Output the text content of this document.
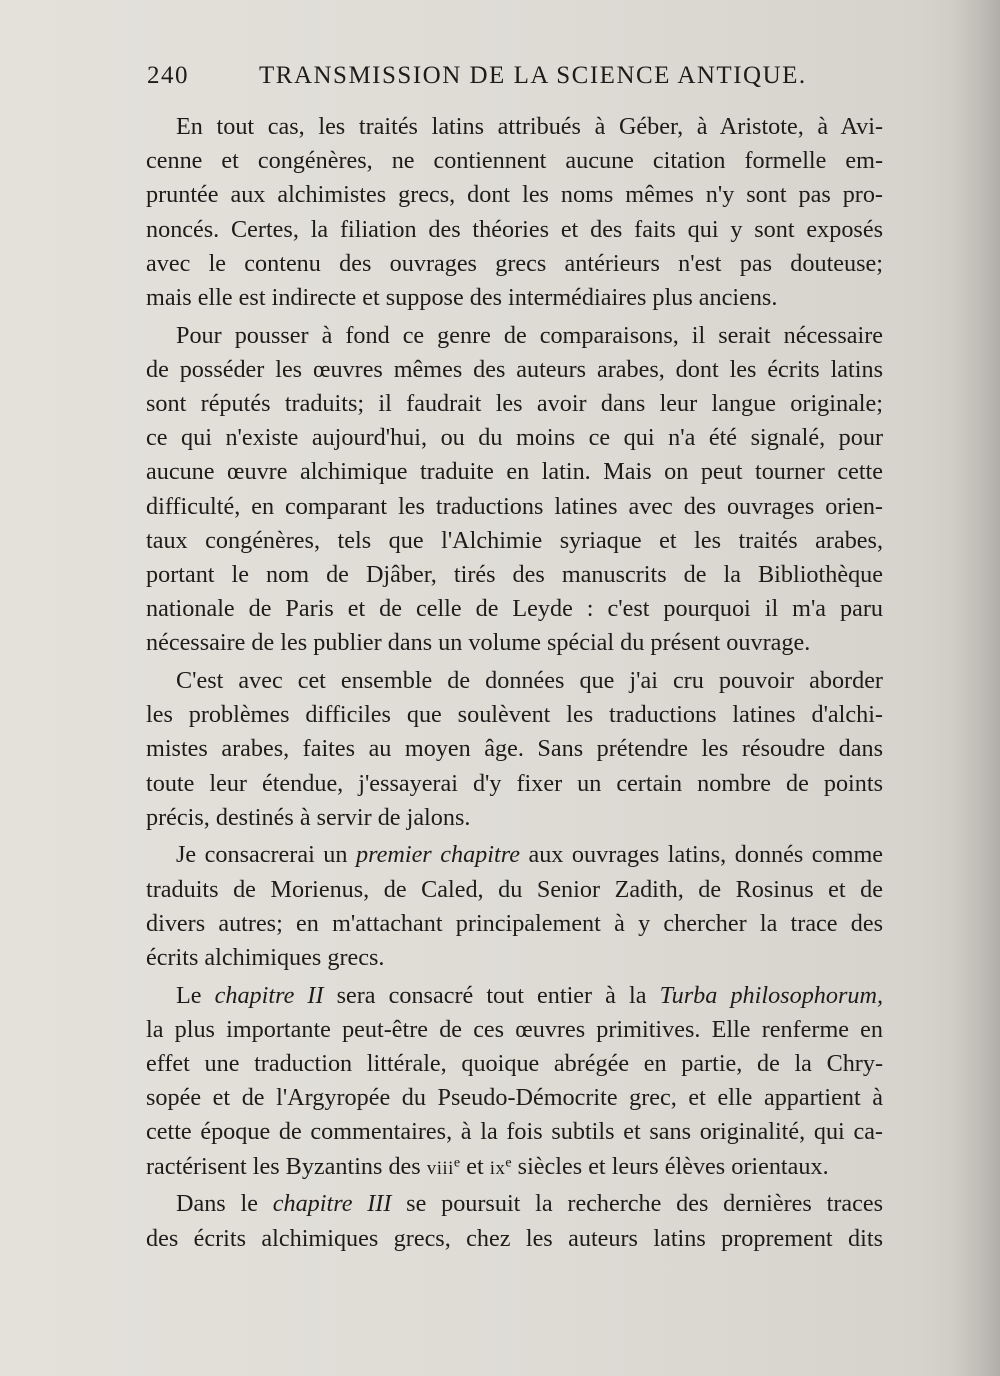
240	TRANSMISSION DE LA SCIENCE ANTIQUE.
En tout cas, les traités latins attribués à Géber, à Aristote, à Avi-
cenne et congénères, ne contiennent aucune citation formelle em-
pruntée aux alchimistes grecs, dont les noms mêmes n'y sont pas pro-
noncés. Certes, la filiation des théories et des faits qui y sont exposés
avec le contenu des ouvrages grecs antérieurs n'est pas douteuse;
mais elle est indirecte et suppose des intermédiaires plus anciens.
Pour pousser à fond ce genre de comparaisons, il serait nécessaire
de posséder les œuvres mêmes des auteurs arabes, dont les écrits latins
sont réputés traduits; il faudrait les avoir dans leur langue originale;
ce qui n'existe aujourd'hui, ou du moins ce qui n'a été signalé, pour
aucune œuvre alchimique traduite en latin. Mais on peut tourner cette
difficulté, en comparant les traductions latines avec des ouvrages orien-
taux congénères, tels que l'Alchimie syriaque et les traités arabes,
portant le nom de Djâber, tirés des manuscrits de la Bibliothèque
nationale de Paris et de celle de Leyde : c'est pourquoi il m'a paru
nécessaire de les publier dans un volume spécial du présent ouvrage.
C'est avec cet ensemble de données que j'ai cru pouvoir aborder
les problèmes difficiles que soulèvent les traductions latines d'alchi-
mistes arabes, faites au moyen âge. Sans prétendre les résoudre dans
toute leur étendue, j'essayerai d'y fixer un certain nombre de points
précis, destinés à servir de jalons.
Je consacrerai un premier chapitre aux ouvrages latins, donnés comme
traduits de Morienus, de Caled, du Senior Zadith, de Rosinus et de
divers autres; en m'attachant principalement à y chercher la trace des
écrits alchimiques grecs.
Le chapitre II sera consacré tout entier à la Turba philosophorum,
la plus importante peut-être de ces œuvres primitives. Elle renferme en
effet une traduction littérale, quoique abrégée en partie, de la Chry-
sopée et de l'Argyropée du Pseudo-Démocrite grec, et elle appartient à
cette époque de commentaires, à la fois subtils et sans originalité, qui ca-
ractérisent les Byzantins des viii$^e$ et $ix^e$ siècles et leurs élèves orientaux.
Dans le chapitre III se poursuit la recherche des dernières traces
des écrits alchimiques grecs, chez les auteurs latins proprement dits
